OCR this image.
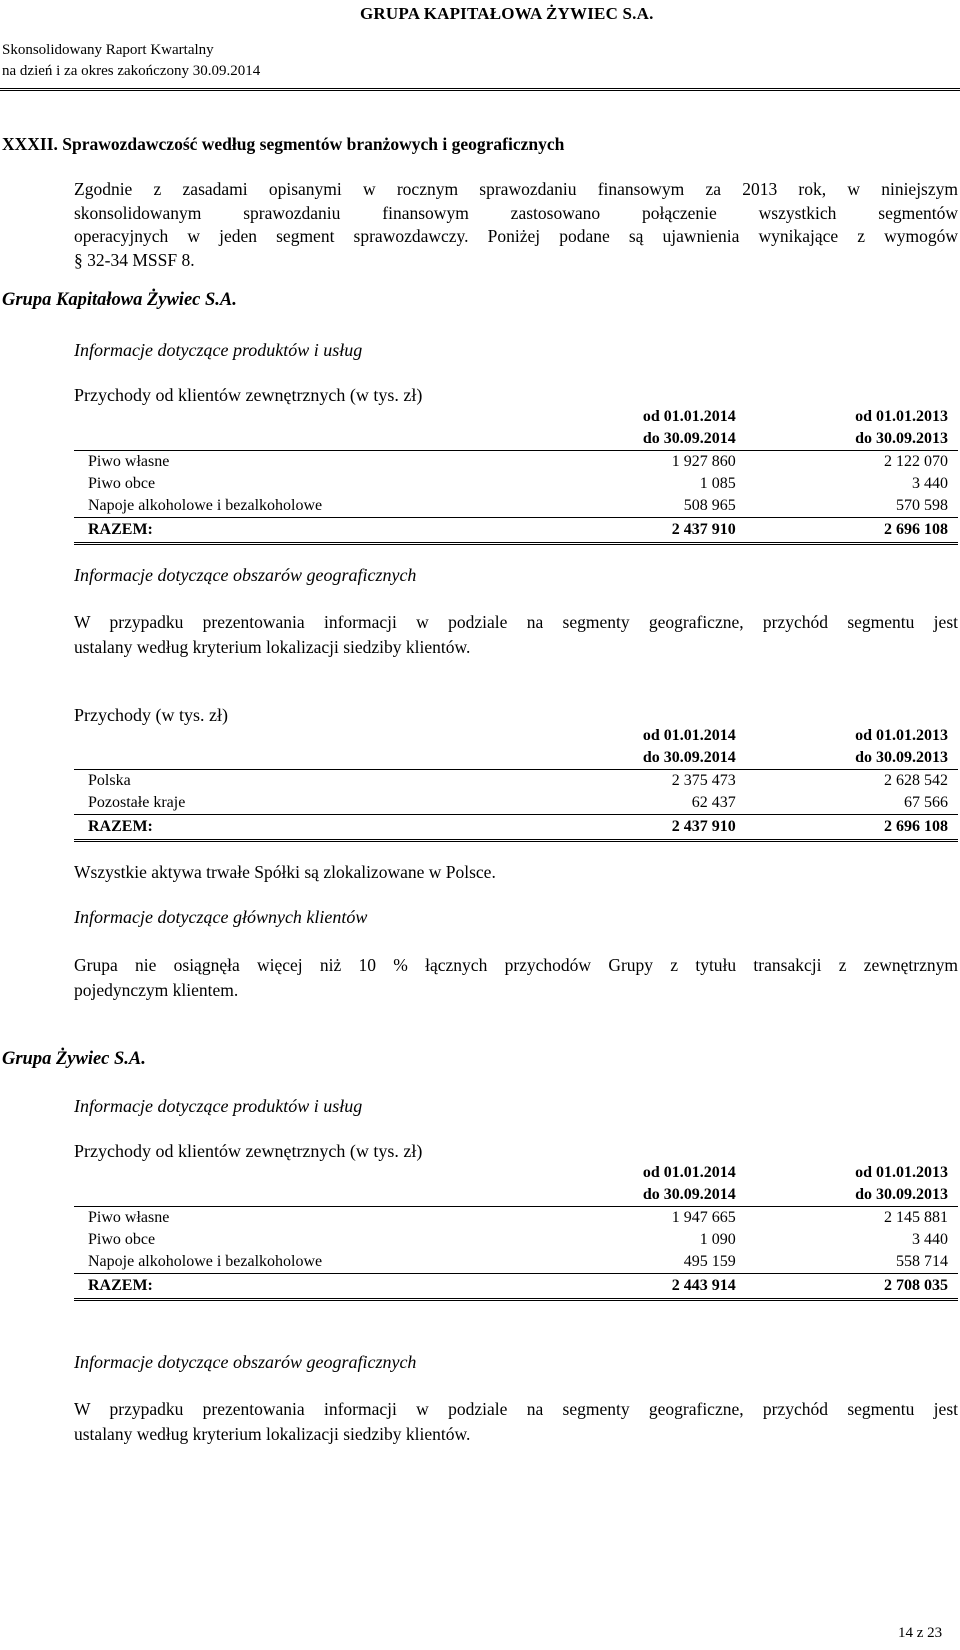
GRUPA KAPITAŁOWA ŻYWIEC S.A.
Skonsolidowany Raport Kwartalny
na dzień i za okres zakończony 30.09.2014
XXXII. Sprawozdawczość według segmentów branżowych i geograficznych
Zgodnie z zasadami opisanymi w rocznym sprawozdaniu finansowym za 2013 rok, w niniejszym
skonsolidowanym sprawozdaniu finansowym zastosowano połączenie wszystkich segmentów
operacyjnych w jeden segment sprawozdawczy. Poniżej podane są ujawnienia wynikające z wymogów
§ 32-34 MSSF 8.
Grupa Kapitałowa Żywiec S.A.
Informacje dotyczące produktów i usług
Przychody od klientów zewnętrznych (w tys. zł)
	od 01.01.2014	od 01.01.2013
	do 30.09.2014	do 30.09.2013
Piwo własne	1 927 860	2 122 070
Piwo obce	1 085	3 440
Napoje alkoholowe i bezalkoholowe	508 965	570 598
RAZEM:	2 437 910	2 696 108
Informacje dotyczące obszarów geograficznych
W przypadku prezentowania informacji w podziale na segmenty geograficzne, przychód segmentu jest
ustalany według kryterium lokalizacji siedziby klientów.
Przychody (w tys. zł)
	od 01.01.2014	od 01.01.2013
	do 30.09.2014	do 30.09.2013
Polska	2 375 473	2 628 542
Pozostałe kraje	62 437	67 566
RAZEM:	2 437 910	2 696 108
Wszystkie aktywa trwałe Spółki są zlokalizowane w Polsce.
Informacje dotyczące głównych klientów
Grupa nie osiągnęła więcej niż 10 % łącznych przychodów Grupy z tytułu transakcji z zewnętrznym
pojedynczym klientem.
Grupa Żywiec S.A.
Informacje dotyczące produktów i usług
Przychody od klientów zewnętrznych (w tys. zł)
	od 01.01.2014	od 01.01.2013
	do 30.09.2014	do 30.09.2013
Piwo własne	1 947 665	2 145 881
Piwo obce	1 090	3 440
Napoje alkoholowe i bezalkoholowe	495 159	558 714
RAZEM:	2 443 914	2 708 035
Informacje dotyczące obszarów geograficznych
W przypadku prezentowania informacji w podziale na segmenty geograficzne, przychód segmentu jest
ustalany według kryterium lokalizacji siedziby klientów.
14 z 23
